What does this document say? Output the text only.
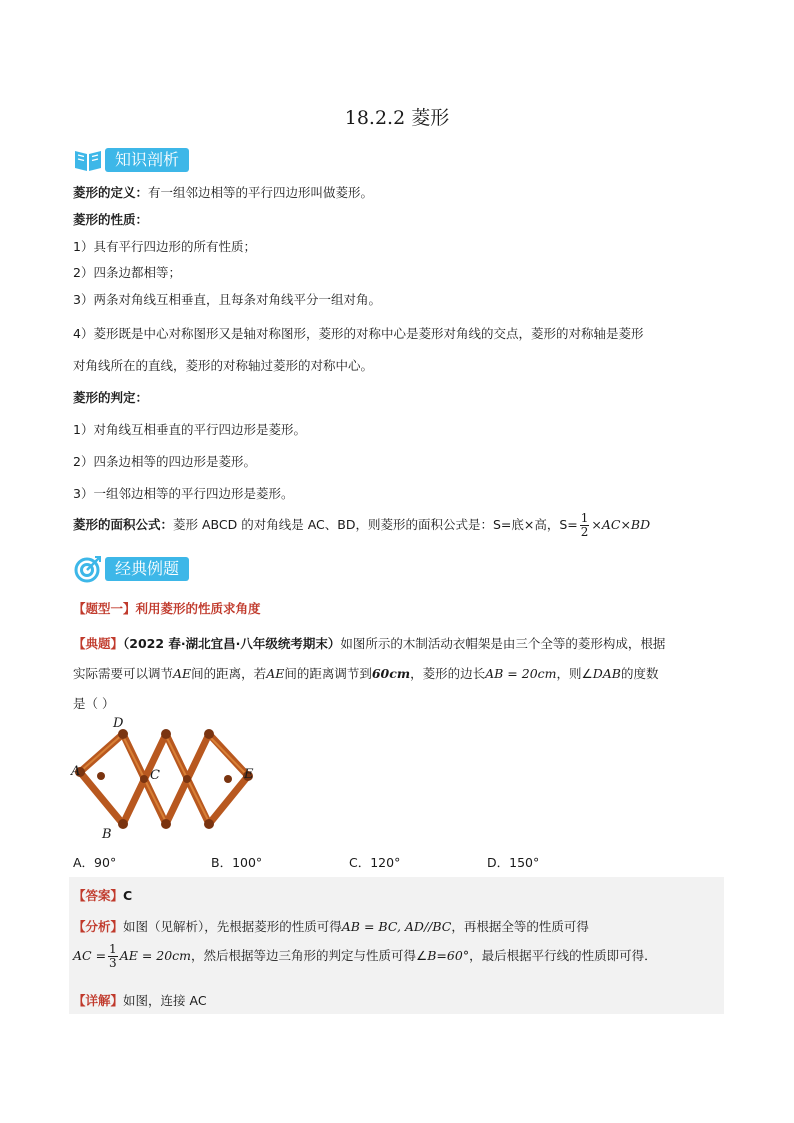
18.2.2 菱形
知识剖析
菱形的定义：有一组邻边相等的平行四边形叫做菱形。
菱形的性质：
1）具有平行四边形的所有性质；
2）四条边都相等；
3）两条对角线互相垂直，且每条对角线平分一组对角。
4）菱形既是中心对称图形又是轴对称图形，菱形的对称中心是菱形对角线的交点，菱形的对称轴是菱形
对角线所在的直线，菱形的对称轴过菱形的对称中心。
菱形的判定：
1）对角线互相垂直的平行四边形是菱形。
2）四条边相等的四边形是菱形。
3）一组邻边相等的平行四边形是菱形。
菱形的面积公式：菱形 ABCD 的对角线是 AC、BD，则菱形的面积公式是：S=底×高，$S= \frac{1}{2} \times AC\times BD$
经典例题
【题型一】利用菱形的性质求角度
【典题】（2022 春·湖北宜昌·八年级统考期末）如图所示的木制活动衣帽架是由三个全等的菱形构成，根据
实际需要可以调节AE间的距离，若AE间的距离调节到60cm，菱形的边长AB = 20cm，则∠DAB的度数
是（ ）
D
A	C	E
B
A．90°	B．100°	C．120°	D．150°
【答案】C
【分析】如图（见解析），先根据菱形的性质可得AB = BC, AD//BC，再根据全等的性质可得
AC = $\frac{1}{3}$ AE = 20cm，然后根据等边三角形的判定与性质可得∠B=60°，最后根据平行线的性质即可得．
【详解】如图，连接 AC
